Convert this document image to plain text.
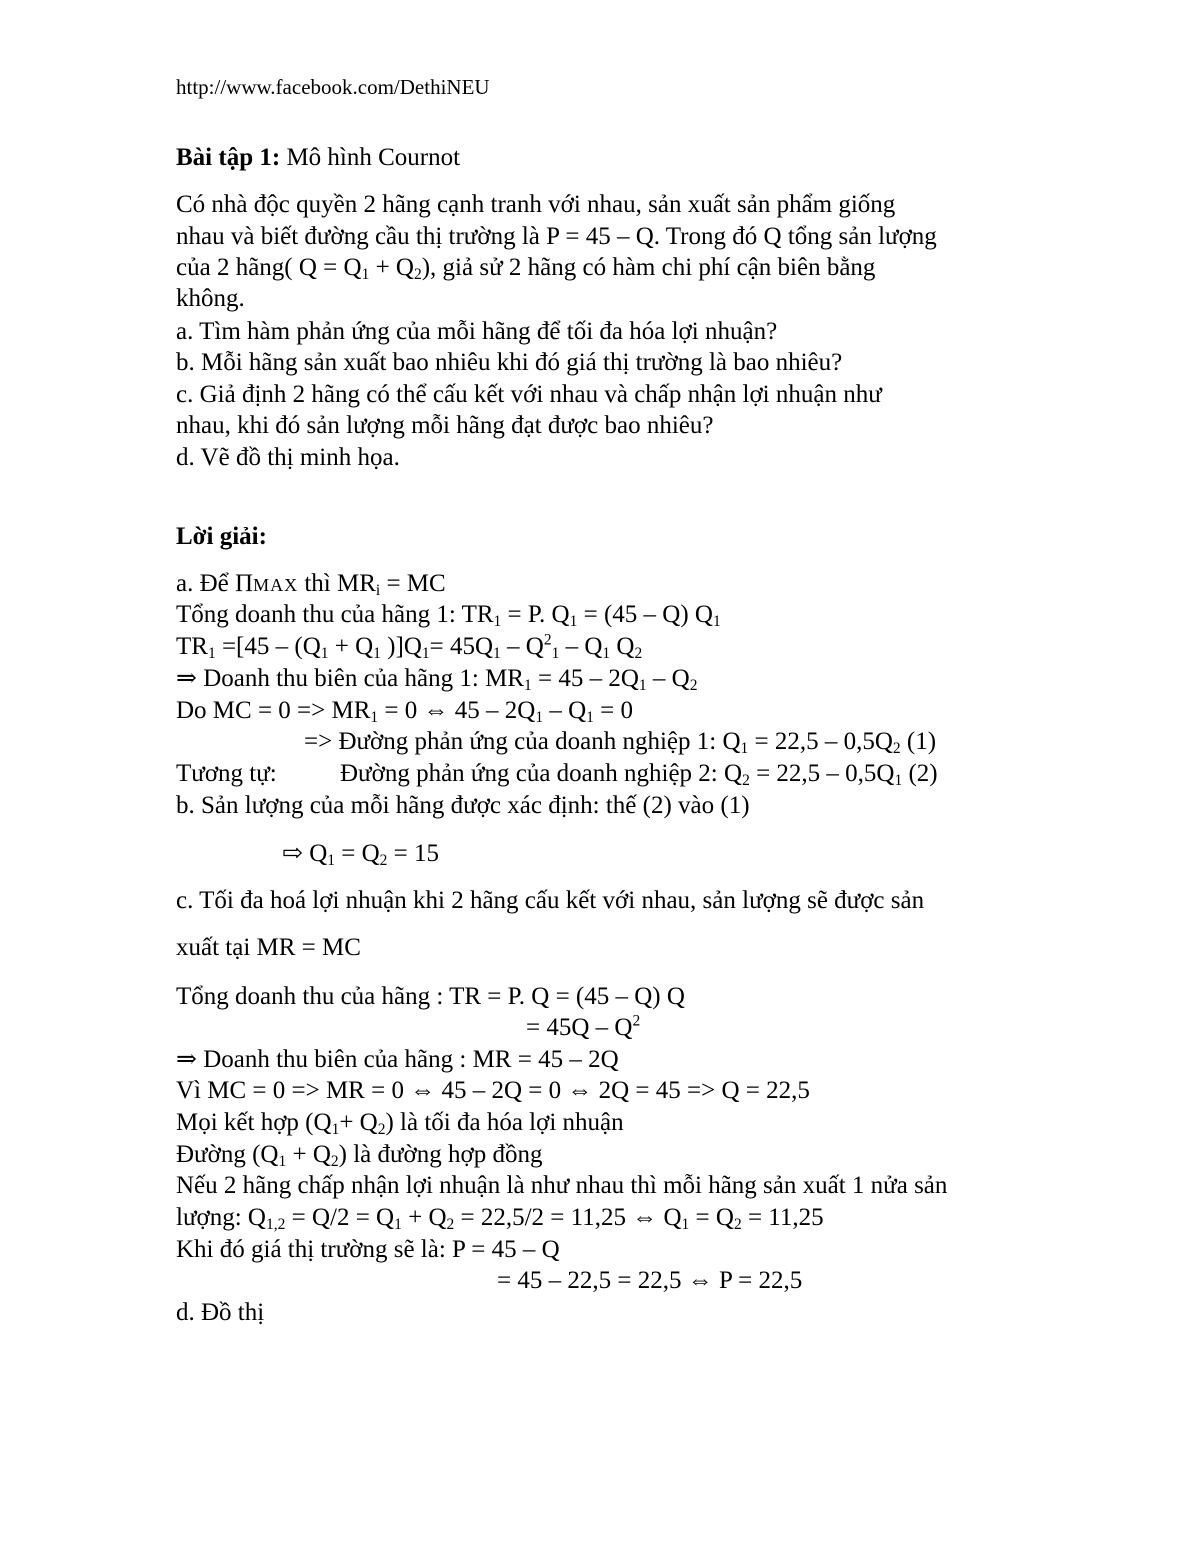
http://www.facebook.com/DethiNEU
Bài tập 1: Mô hình Cournot
Có nhà độc quyền 2 hãng cạnh tranh với nhau, sản xuất sản phẩm giống
nhau và biết đường cầu thị trường là P = 45 – Q. Trong đó Q tổng sản lượng
của 2 hãng( $Q = Q_1 + Q_2$), giả sử 2 hãng có hàm chi phí cận biên bằng
không.
a. Tìm hàm phản ứng của mỗi hãng để tối đa hóa lợi nhuận?
b. Mỗi hãng sản xuất bao nhiêu khi đó giá thị trường là bao nhiêu?
c. Giả định 2 hãng có thể cấu kết với nhau và chấp nhận lợi nhuận như
nhau, khi đó sản lượng mỗi hãng đạt được bao nhiêu?
d. Vẽ đồ thị minh họa.
Lời giải:
a. Để ΠMAX thì $MR_i$ = MC
Tổng doanh thu của hãng 1: $TR_1 = P$. $Q_1 = (45 - Q)$ $Q_1$
$TR_1 =[45 - (Q_1 + Q_1$ )]$Q_1= 45Q_1 - Q^2_1 - Q_1$ $Q_2$
⇒ Doanh thu biên của hãng 1: $MR_1 = 45 - 2Q_1 - Q_2$
Do MC = $0 => MR_1 = 0$ ⇔ $45 - 2Q_1 - Q_1 = 0$
=> Đường phản ứng của doanh nghiệp 1: $Q_1 = 22,5 - 0,5Q_2$ (1)
Tương tự:	Đường phản ứng của doanh nghiệp 2: $Q_2 = 22,5 - 0,5Q_1$ (2)
b. Sản lượng của mỗi hãng được xác định: thế (2) vào (1)
⇨ $Q_1 = Q_2 = 15$
c. Tối đa hoá lợi nhuận khi 2 hãng cấu kết với nhau, sản lượng sẽ được sản
xuất tại MR = MC
Tổng doanh thu của hãng : TR = P. Q = (45 – Q) Q
= $45Q - Q^2$
⇒ Doanh thu biên của hãng : MR = 45 – 2Q
Vì MC = 0 => MR = 0 ⇔ 45 – 2Q = 0 ⇔ 2Q = 45 => Q = 22,5
Mọi kết hợp $(Q_1+ Q_2)$ là tối đa hóa lợi nhuận
Đường $(Q_1 + Q_2)$ là đường hợp đồng
Nếu 2 hãng chấp nhận lợi nhuận là như nhau thì mỗi hãng sản xuất 1 nửa sản
lượng: $Q_{1,2} = Q/2 = Q_1 + Q_2 = 22,5/2 = 11,25$ ⇔ $Q_1 = Q_2 = 11,25$
Khi đó giá thị trường sẽ là: P = 45 – Q
= 45 – 22,5 = 22,5 ⇔ P = 22,5
d. Đồ thị
